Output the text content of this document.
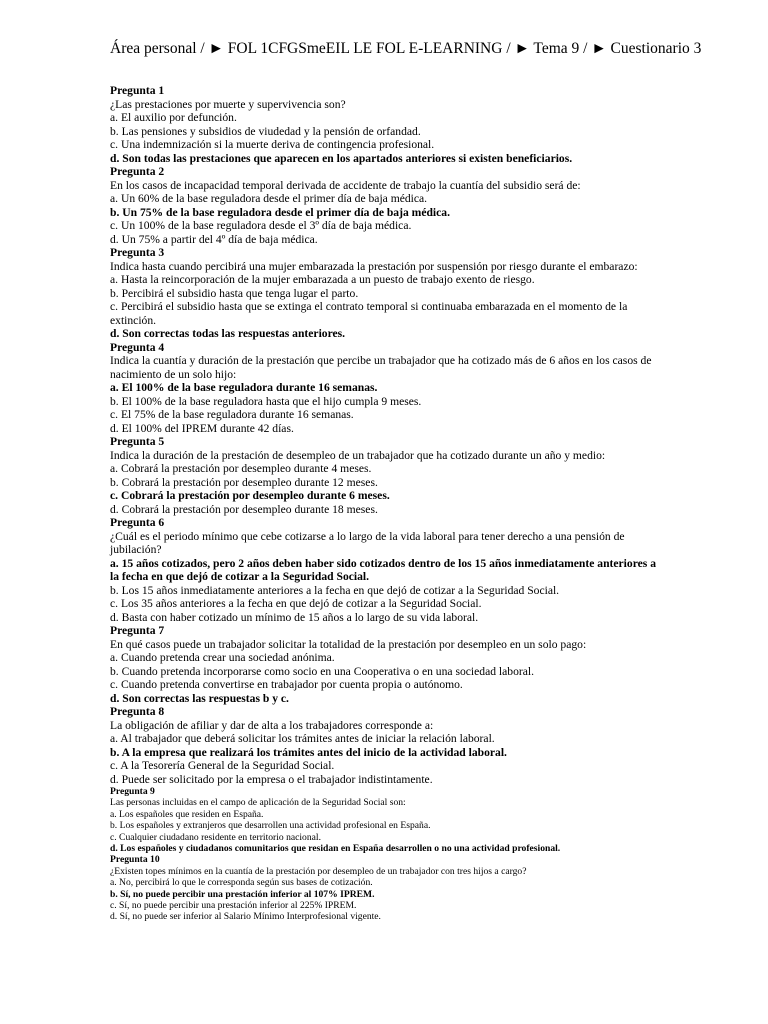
Área personal / ► FOL 1CFGSmeEIL LE FOL E-LEARNING / ► Tema 9 / ► Cuestionario 3
Pregunta 1
¿Las prestaciones por muerte y supervivencia son?
a. El auxilio por defunción.
b. Las pensiones y subsidios de viudedad y la pensión de orfandad.
c. Una indemnización si la muerte deriva de contingencia profesional.
d. Son todas las prestaciones que aparecen en los apartados anteriores si existen beneficiarios.
Pregunta 2
En los casos de incapacidad temporal derivada de accidente de trabajo la cuantía del subsidio será de:
a. Un 60% de la base reguladora desde el primer día de baja médica.
b. Un 75% de la base reguladora desde el primer día de baja médica.
c. Un 100% de la base reguladora desde el 3º día de baja médica.
d. Un 75% a partir del 4º día de baja médica.
Pregunta 3
Indica hasta cuando percibirá una mujer embarazada la prestación por suspensión por riesgo durante el embarazo:
a. Hasta la reincorporación de la mujer embarazada a un puesto de trabajo exento de riesgo.
b. Percibirá el subsidio hasta que tenga lugar el parto.
c. Percibirá el subsidio hasta que se extinga el contrato temporal si continuaba embarazada en el momento de la extinción.
d. Son correctas todas las respuestas anteriores.
Pregunta 4
Indica la cuantía y duración de la prestación que percibe un trabajador que ha cotizado más de 6 años en los casos de nacimiento de un solo hijo:
a. El 100% de la base reguladora durante 16 semanas.
b. El 100% de la base reguladora hasta que el hijo cumpla 9 meses.
c. El 75% de la base reguladora durante 16 semanas.
d. El 100% del IPREM durante 42 días.
Pregunta 5
Indica la duración de la prestación de desempleo de un trabajador que ha cotizado durante un año y medio:
a. Cobrará la prestación por desempleo durante 4 meses.
b. Cobrará la prestación por desempleo durante 12 meses.
c. Cobrará la prestación por desempleo durante 6 meses.
d. Cobrará la prestación por desempleo durante 18 meses.
Pregunta 6
¿Cuál es el periodo mínimo que cebe cotizarse a lo largo de la vida laboral para tener derecho a una pensión de jubilación?
a. 15 años cotizados, pero 2 años deben haber sido cotizados dentro de los 15 años inmediatamente anteriores a la fecha en que dejó de cotizar a la Seguridad Social.
b. Los 15 años inmediatamente anteriores a la fecha en que dejó de cotizar a la Seguridad Social.
c. Los 35 años anteriores a la fecha en que dejó de cotizar a la Seguridad Social.
d. Basta con haber cotizado un mínimo de 15 años a lo largo de su vida laboral.
Pregunta 7
En qué casos puede un trabajador solicitar la totalidad de la prestación por desempleo en un solo pago:
a. Cuando pretenda crear una sociedad anónima.
b. Cuando pretenda incorporarse como socio en una Cooperativa o en una sociedad laboral.
c. Cuando pretenda convertirse en trabajador por cuenta propia o autónomo.
d. Son correctas las respuestas b y c.
Pregunta 8
La obligación de afiliar y dar de alta a los trabajadores corresponde a:
a. Al trabajador que deberá solicitar los trámites antes de iniciar la relación laboral.
b. A la empresa que realizará los trámites antes del inicio de la actividad laboral.
c. A la Tesorería General de la Seguridad Social.
d. Puede ser solicitado por la empresa o el trabajador indistintamente.
Pregunta 9
Las personas incluidas en el campo de aplicación de la Seguridad Social son:
a. Los españoles que residen en España.
b. Los españoles y extranjeros que desarrollen una actividad profesional en España.
c. Cualquier ciudadano residente en territorio nacional.
d. Los españoles y ciudadanos comunitarios que residan en España desarrollen o no una actividad profesional.
Pregunta 10
¿Existen topes mínimos en la cuantía de la prestación por desempleo de un trabajador con tres hijos a cargo?
a. No, percibirá lo que le corresponda según sus bases de cotización.
b. Sí, no puede percibir una prestación inferior al 107% IPREM.
c. Sí, no puede percibir una prestación inferior al 225% IPREM.
d. Sí, no puede ser inferior al Salario Mínimo Interprofesional vigente.
